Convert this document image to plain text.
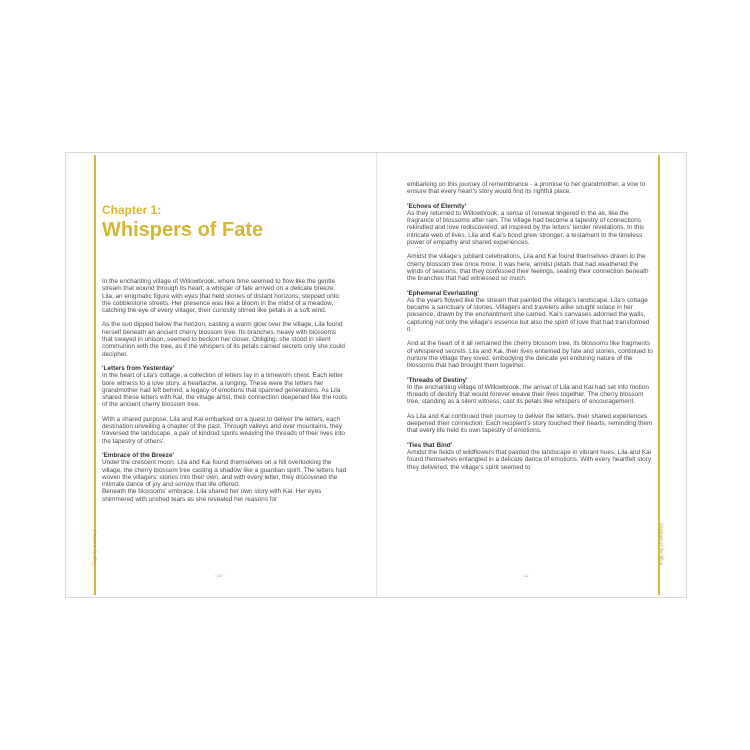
Page by a writeup	Shadows of the Wind
Chapter 1:
Whispers of Fate

In the enchanting village of Willowbrook, where time seemed to flow like the gentle stream that wound through its heart, a whisper of fate arrived on a delicate breeze. Lila, an enigmatic figure with eyes that held stories of distant horizons, stepped onto the cobblestone streets. Her presence was like a bloom in the midst of a meadow, catching the eye of every villager, their curiosity stirred like petals in a soft wind.

As the sun dipped below the horizon, casting a warm glow over the village, Lila found herself beneath an ancient cherry blossom tree. Its branches, heavy with blossoms that swayed in unison, seemed to beckon her closer. Obliging, she stood in silent communion with the tree, as if the whispers of its petals carried secrets only she could decipher.

'Letters from Yesterday'
In the heart of Lila's cottage, a collection of letters lay in a timeworn chest. Each letter bore witness to a love story, a heartache, a longing. These were the letters her grandmother had left behind, a legacy of emotions that spanned generations. As Lila shared these letters with Kai, the village artist, their connection deepened like the roots of the ancient cherry blossom tree.

With a shared purpose, Lila and Kai embarked on a quest to deliver the letters, each destination unveiling a chapter of the past. Through valleys and over mountains, they traversed the landscape, a pair of kindred spirits weaving the threads of their lives into the tapestry of others'.

'Embrace of the Breeze'
Under the crescent moon, Lila and Kai found themselves on a hill overlooking the village, the cherry blossom tree casting a shadow like a guardian spirit. The letters had woven the villagers' stories into their own, and with every letter, they discovered the intimate dance of joy and sorrow that life offered.
Beneath the blossoms' embrace, Lila shared her own story with Kai. Her eyes shimmered with unshed tears as she revealed her reasons for

- 10 -

embarking on this journey of remembrance - a promise to her grandmother, a vow to ensure that every heart's story would find its rightful place.

'Echoes of Eternity'
As they returned to Willowbrook, a sense of renewal lingered in the air, like the fragrance of blossoms after rain. The village had become a tapestry of connections rekindled and love rediscovered, all inspired by the letters' tender revelations. In this intricate web of lives, Lila and Kai's bond grew stronger, a testament to the timeless power of empathy and shared experiences.

Amidst the village's jubilant celebrations, Lila and Kai found themselves drawn to the cherry blossom tree once more. It was here, amidst petals that had weathered the winds of seasons, that they confessed their feelings, sealing their connection beneath the branches that had witnessed so much.

'Ephemeral Everlasting'
As the years flowed like the stream that painted the village's landscape, Lila's cottage became a sanctuary of stories. Villagers and travelers alike sought solace in her presence, drawn by the enchantment she carried. Kai's canvases adorned the walls, capturing not only the village's essence but also the spirit of love that had transformed it.

And at the heart of it all remained the cherry blossom tree, its blossoms like fragments of whispered secrets. Lila and Kai, their lives entwined by fate and stories, continued to nurture the village they loved, embodying the delicate yet enduring nature of the blossoms that had brought them together.

'Threads of Destiny'
In the enchanting village of Willowbrook, the arrival of Lila and Kai had set into motion threads of destiny that would forever weave their lives together. The cherry blossom tree, standing as a silent witness, cast its petals like whispers of encouragement.

As Lila and Kai continued their journey to deliver the letters, their shared experiences deepened their connection. Each recipient's story touched their hearts, reminding them that every life held its own tapestry of emotions.

'Ties that Bind'
Amidst the fields of wildflowers that painted the landscape in vibrant hues, Lila and Kai found themselves entangled in a delicate dance of emotions. With every heartfelt story they delivered, the village's spirit seemed to

- 11 -
